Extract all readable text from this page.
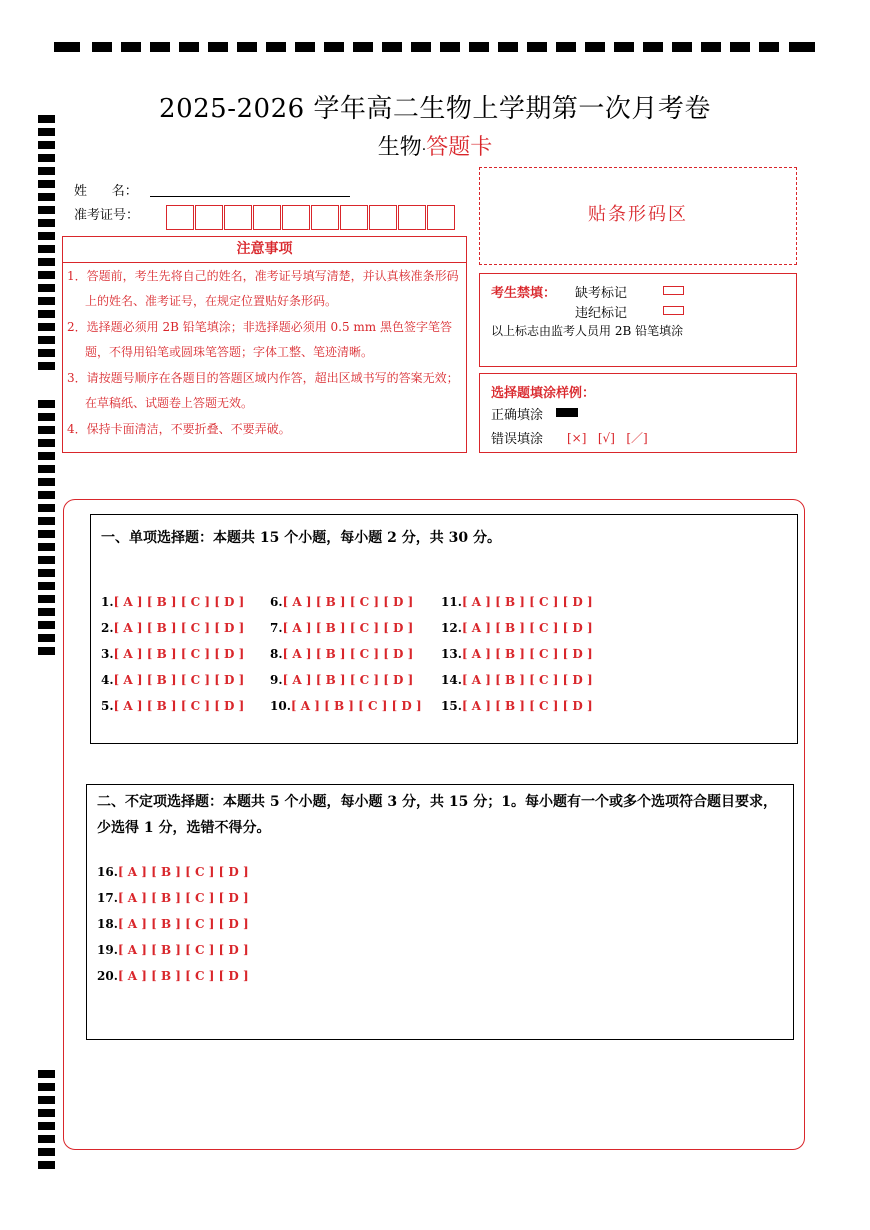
2025-2026 学年高二生物上学期第一次月考卷
生物·答题卡
姓      名：
准考证号：
注意事项
1．答题前，考生先将自己的姓名，准考证号填写清楚，并认真核准条形码上的姓名、准考证号，在规定位置贴好条形码。
2．选择题必须用 2B 铅笔填涂；非选择题必须用 0.5 mm 黑色签字笔答题，不得用铅笔或圆珠笔答题；字体工整、笔迹清晰。
3．请按题号顺序在各题目的答题区域内作答，超出区域书写的答案无效；在草稿纸、试题卷上答题无效。
4．保持卡面清洁，不要折叠、不要弄破。
贴条形码区
考生禁填： 缺考标记
违纪标记
以上标志由监考人员用 2B 铅笔填涂
选择题填涂样例：
正确填涂
错误填涂 [×]   [√]   [／]
一、单项选择题：本题共 15 个小题，每小题 2 分，共 30 分。
1.[ A ] [ B ] [ C ] [ D ]
2.[ A ] [ B ] [ C ] [ D ]
3.[ A ] [ B ] [ C ] [ D ]
4.[ A ] [ B ] [ C ] [ D ]
5.[ A ] [ B ] [ C ] [ D ]
6.[ A ] [ B ] [ C ] [ D ]
7.[ A ] [ B ] [ C ] [ D ]
8.[ A ] [ B ] [ C ] [ D ]
9.[ A ] [ B ] [ C ] [ D ]
10.[ A ] [ B ] [ C ] [ D ]
11.[ A ] [ B ] [ C ] [ D ]
12.[ A ] [ B ] [ C ] [ D ]
13.[ A ] [ B ] [ C ] [ D ]
14.[ A ] [ B ] [ C ] [ D ]
15.[ A ] [ B ] [ C ] [ D ]
二、不定项选择题：本题共 5 个小题，每小题 3 分，共 15 分；1。每小题有一个或多个选项符合题目要求，少选得 1 分，选错不得分。
16.[ A ] [ B ] [ C ] [ D ]
17.[ A ] [ B ] [ C ] [ D ]
18.[ A ] [ B ] [ C ] [ D ]
19.[ A ] [ B ] [ C ] [ D ]
20.[ A ] [ B ] [ C ] [ D ]
